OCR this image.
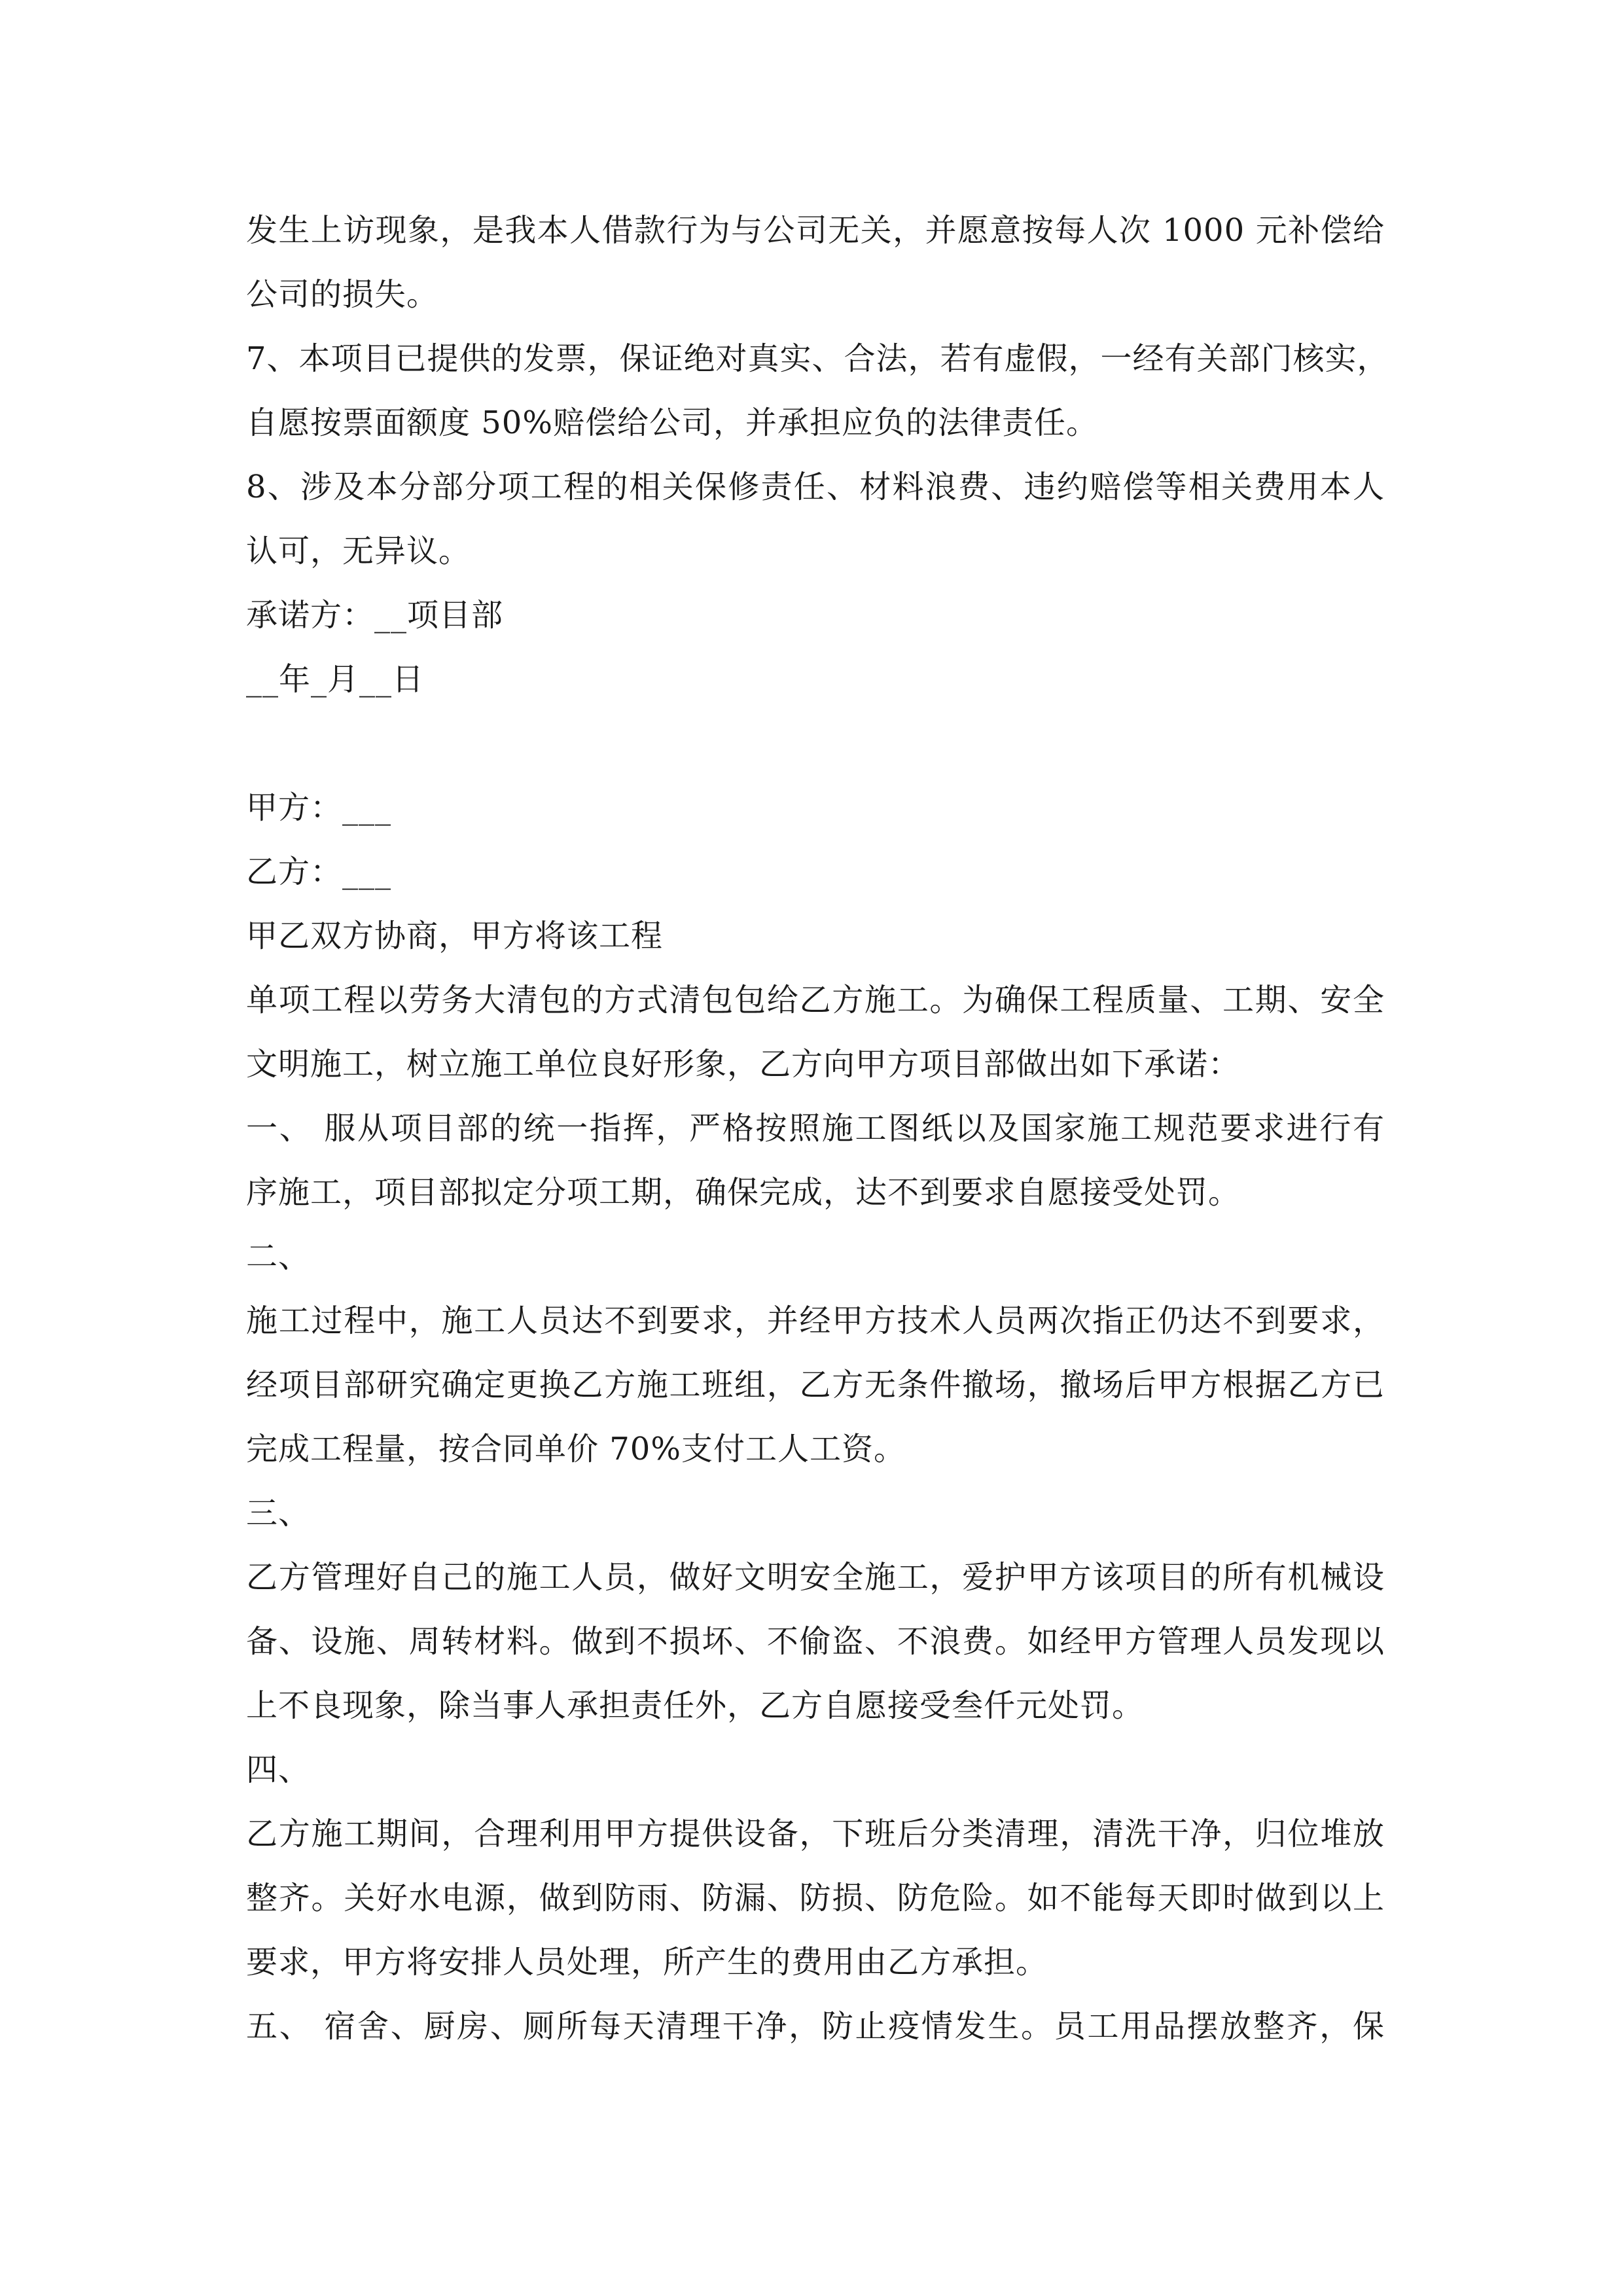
发生上访现象，是我本人借款行为与公司无关，并愿意按每人次 1000 元补偿给
公司的损失。
7、本项目已提供的发票，保证绝对真实、合法，若有虚假，一经有关部门核实，
自愿按票面额度 50%赔偿给公司，并承担应负的法律责任。
8、涉及本分部分项工程的相关保修责任、材料浪费、违约赔偿等相关费用本人
认可，无异议。
承诺方：__项目部
__年_月__日
甲方：___
乙方：___
甲乙双方协商，甲方将该工程
单项工程以劳务大清包的方式清包包给乙方施工。为确保工程质量、工期、安全
文明施工，树立施工单位良好形象，乙方向甲方项目部做出如下承诺：
一、 服从项目部的统一指挥，严格按照施工图纸以及国家施工规范要求进行有
序施工，项目部拟定分项工期，确保完成，达不到要求自愿接受处罚。
二、
施工过程中，施工人员达不到要求，并经甲方技术人员两次指正仍达不到要求，
经项目部研究确定更换乙方施工班组，乙方无条件撤场，撤场后甲方根据乙方已
完成工程量，按合同单价 70%支付工人工资。
三、
乙方管理好自己的施工人员，做好文明安全施工，爱护甲方该项目的所有机械设
备、设施、周转材料。做到不损坏、不偷盗、不浪费。如经甲方管理人员发现以
上不良现象，除当事人承担责任外，乙方自愿接受叁仟元处罚。
四、
乙方施工期间，合理利用甲方提供设备，下班后分类清理，清洗干净，归位堆放
整齐。关好水电源，做到防雨、防漏、防损、防危险。如不能每天即时做到以上
要求，甲方将安排人员处理，所产生的费用由乙方承担。
五、 宿舍、厨房、厕所每天清理干净，防止疫情发生。员工用品摆放整齐，保
